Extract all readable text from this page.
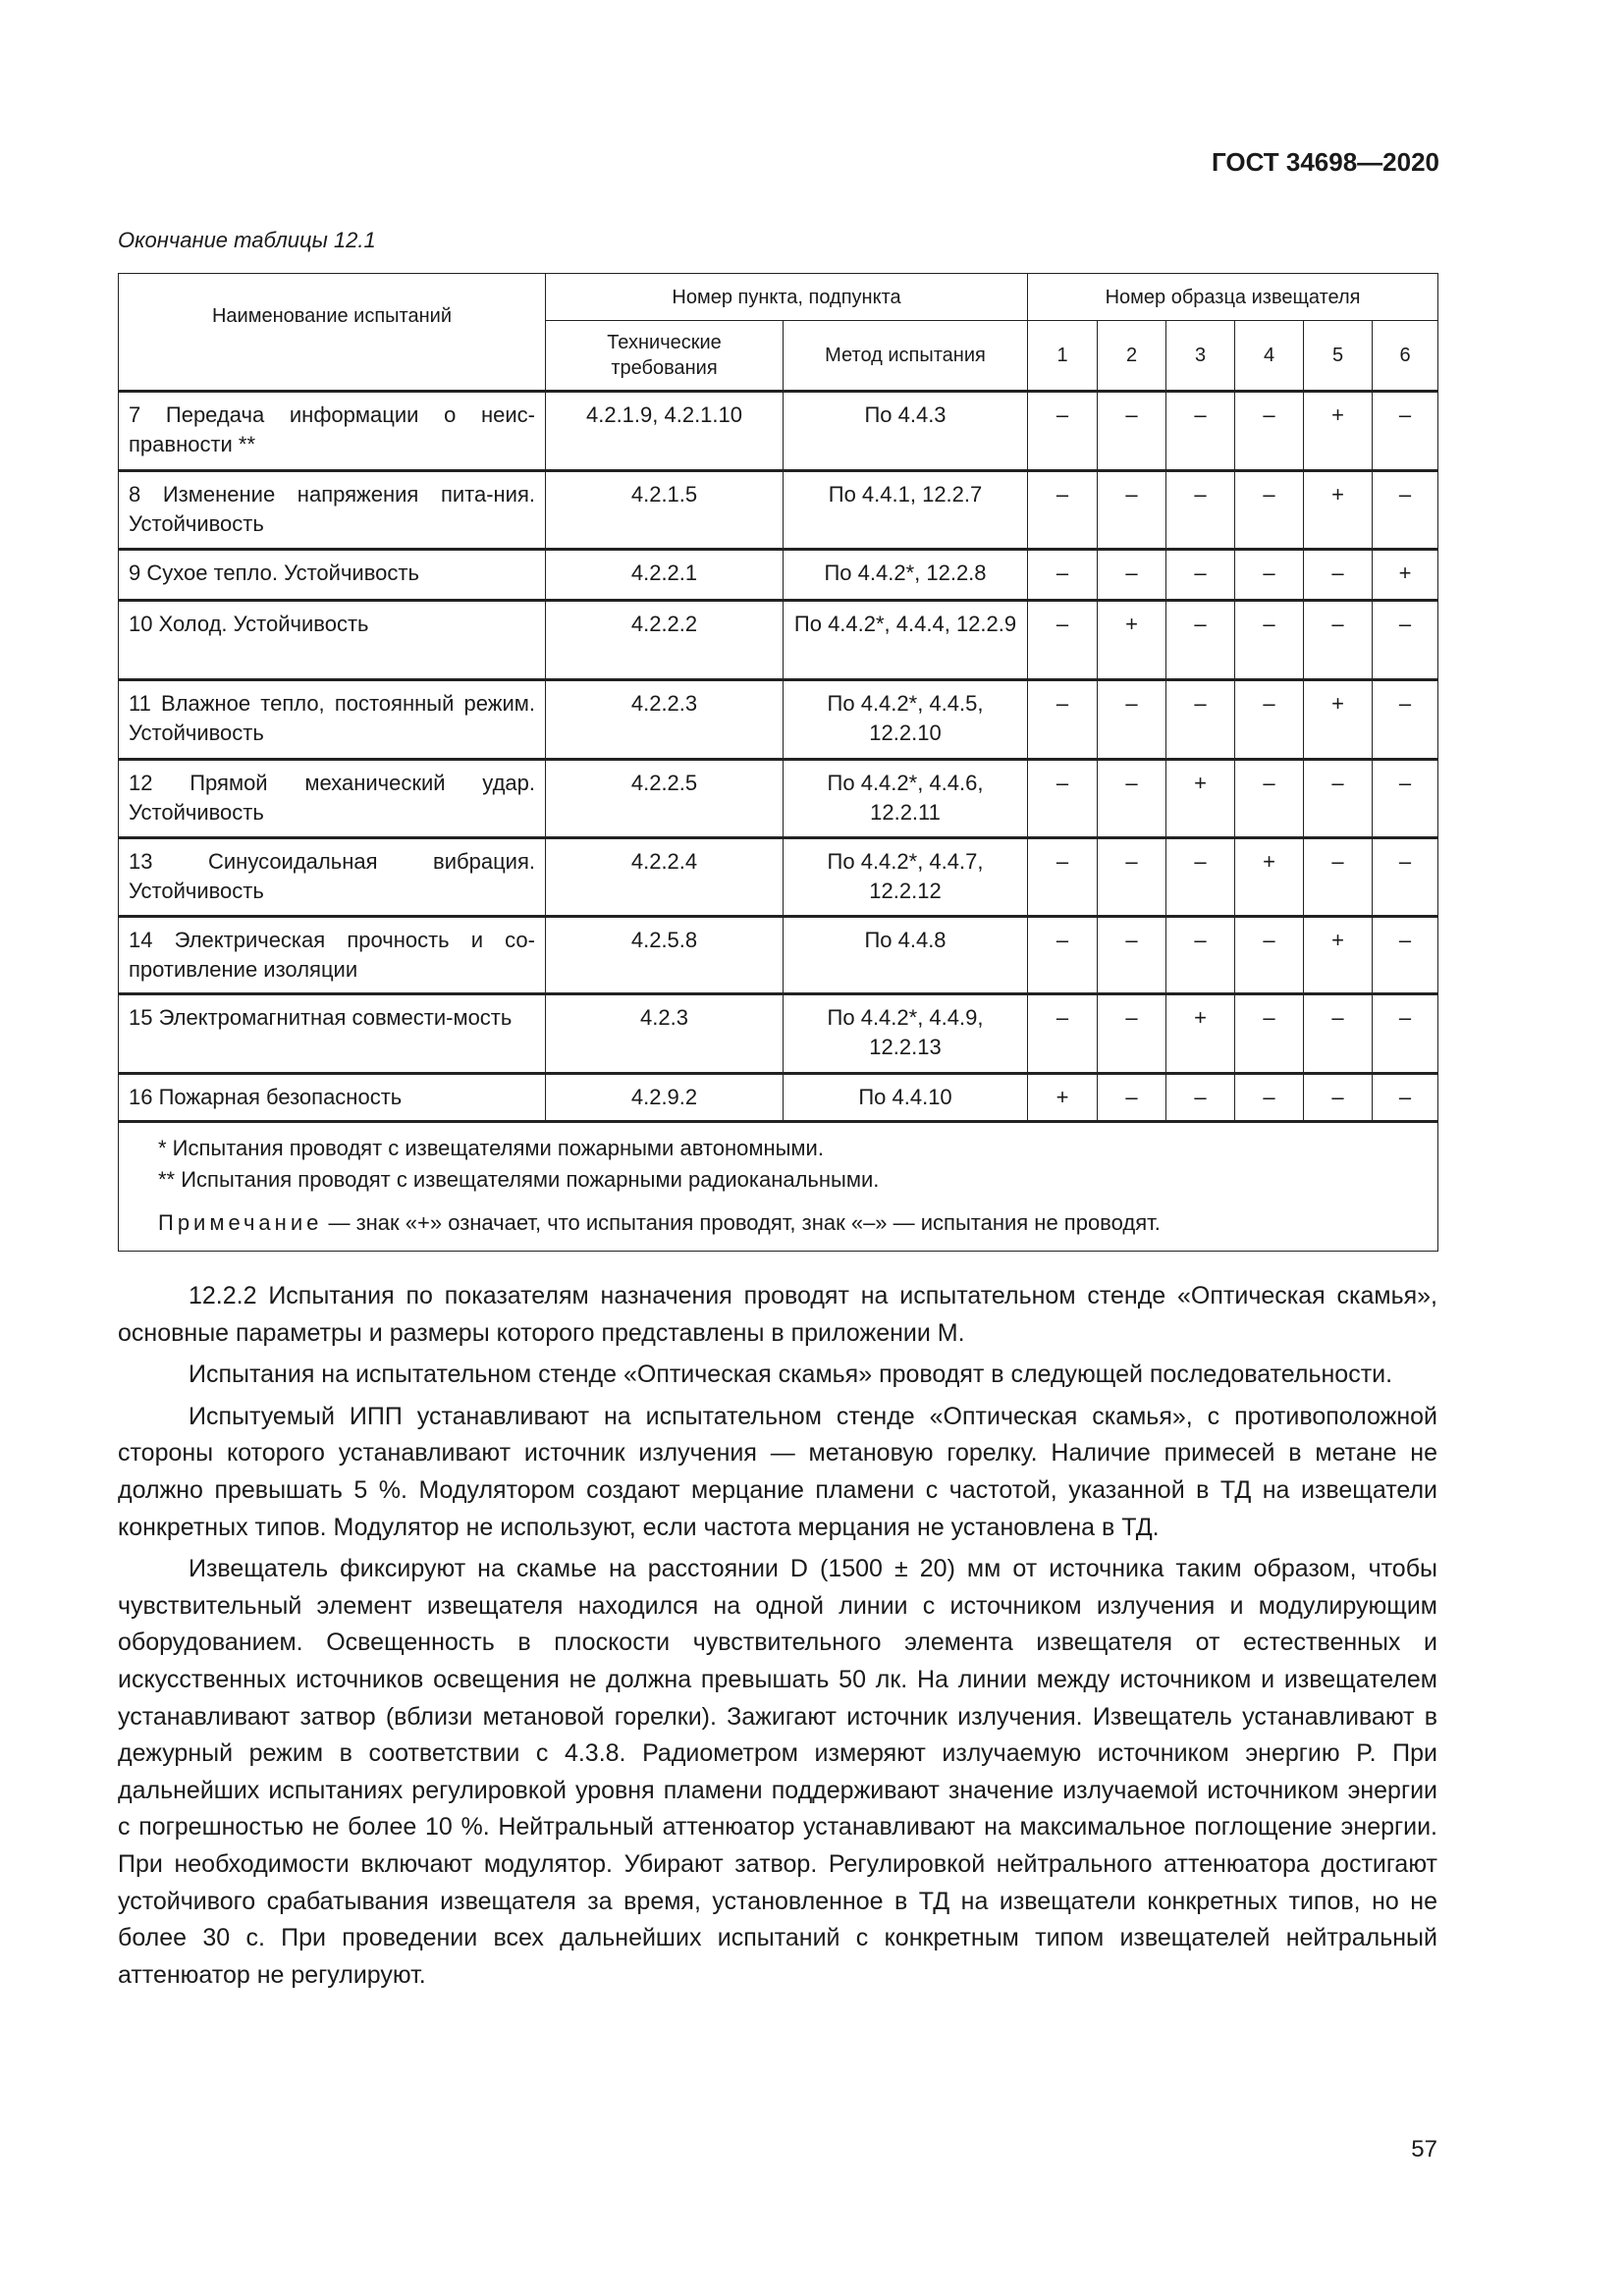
ГОСТ 34698—2020
Окончание таблицы 12.1
Наименование испытаний	Номер пункта, подпункта		Номер образца извещателя					
	Технические требования	Метод испытания	1	2	3	4	5	6
7 Передача информации о неис-правности **	4.2.1.9, 4.2.1.10	По 4.4.3	–	–	–	–	+	–
8 Изменение напряжения пита-ния. Устойчивость	4.2.1.5	По 4.4.1, 12.2.7	–	–	–	–	+	–
9 Сухое тепло. Устойчивость	4.2.2.1	По 4.4.2*, 12.2.8	–	–	–	–	–	+
10 Холод. Устойчивость	4.2.2.2	По 4.4.2*, 4.4.4, 12.2.9	–	+	–	–	–	–
11 Влажное тепло, постоянный режим. Устойчивость	4.2.2.3	По 4.4.2*, 4.4.5, 12.2.10	–	–	–	–	+	–
12 Прямой механический удар. Устойчивость	4.2.2.5	По 4.4.2*, 4.4.6, 12.2.11	–	–	+	–	–	–
13 Синусоидальная вибрация. Устойчивость	4.2.2.4	По 4.4.2*, 4.4.7, 12.2.12	–	–	–	+	–	–
14 Электрическая прочность и со-противление изоляции	4.2.5.8	По 4.4.8	–	–	–	–	+	–
15 Электромагнитная совмести-мость	4.2.3	По 4.4.2*, 4.4.9, 12.2.13	–	–	+	–	–	–
16 Пожарная безопасность	4.2.9.2	По 4.4.10	+	–	–	–	–	–

* Испытания проводят с извещателями пожарными автономными.
** Испытания проводят с извещателями пожарными радиоканальными.
Примечание — знак «+» означает, что испытания проводят, знак «–» — испытания не проводят.								

12.2.2 Испытания по показателям назначения проводят на испытательном стенде «Оптическая скамья», основные параметры и размеры которого представлены в приложении М.

Испытания на испытательном стенде «Оптическая скамья» проводят в следующей последовательности.

Испытуемый ИПП устанавливают на испытательном стенде «Оптическая скамья», с противоположной стороны которого устанавливают источник излучения — метановую горелку. Наличие примесей в метане не должно превышать 5 %. Модулятором создают мерцание пламени с частотой, указанной в ТД на извещатели конкретных типов. Модулятор не используют, если частота мерцания не установлена в ТД.

Извещатель фиксируют на скамье на расстоянии D (1500 ± 20) мм от источника таким образом, чтобы чувствительный элемент извещателя находился на одной линии с источником излучения и модулирующим оборудованием. Освещенность в плоскости чувствительного элемента извещателя от естественных и искусственных источников освещения не должна превышать 50 лк. На линии между источником и извещателем устанавливают затвор (вблизи метановой горелки). Зажигают источник излучения. Извещатель устанавливают в дежурный режим в соответствии с 4.3.8. Радиометром измеряют излучаемую источником энергию P. При дальнейших испытаниях регулировкой уровня пламени поддерживают значение излучаемой источником энергии с погрешностью не более 10 %. Нейтральный аттенюатор устанавливают на максимальное поглощение энергии. При необходимости включают модулятор. Убирают затвор. Регулировкой нейтрального аттенюатора достигают устойчивого срабатывания извещателя за время, установленное в ТД на извещатели конкретных типов, но не более 30 с. При проведении всех дальнейших испытаний с конкретным типом извещателей нейтральный аттенюатор не регулируют.

57
